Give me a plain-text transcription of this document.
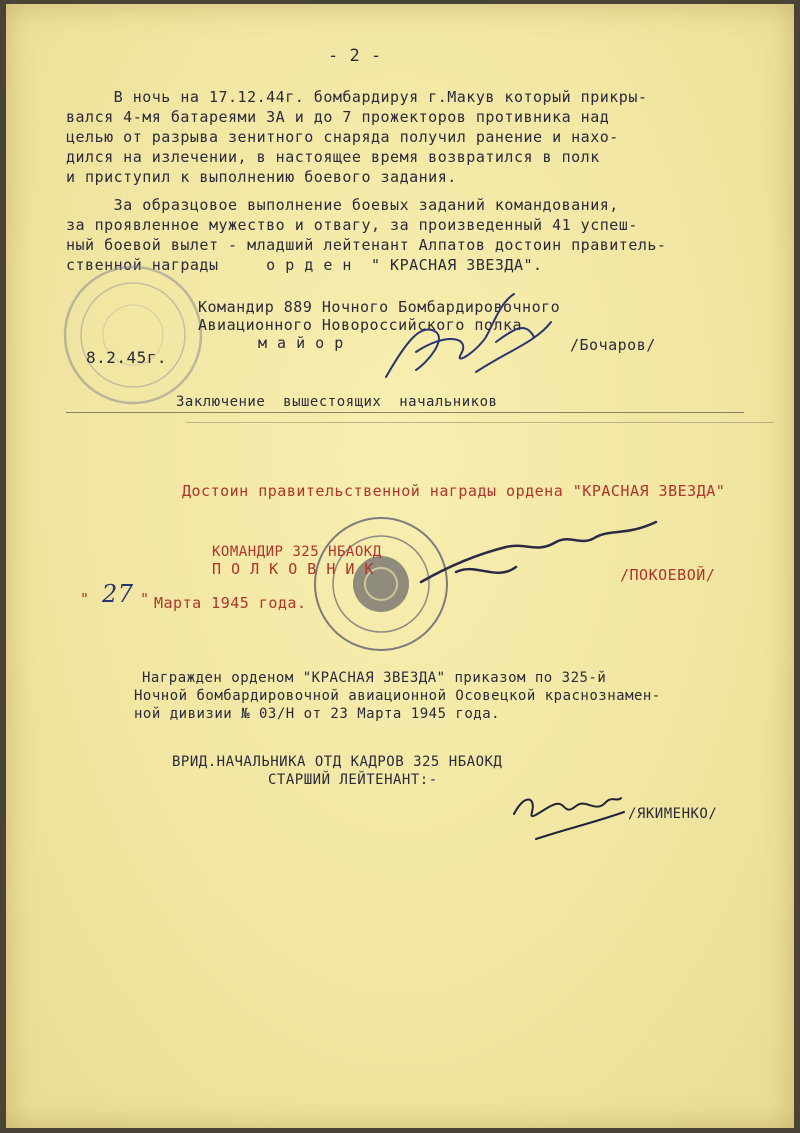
- 2 -
В ночь на 17.12.44г. бомбардируя г.Макув который прикры-
вался 4-мя батареями ЗА и до 7 прожекторов противника над
целью от разрыва зенитного снаряда получил ранение и нахо-
дился на излечении, в настоящее время возвратился в полк
и приступил к выполнению боевого задания.
За образцовое выполнение боевых заданий командования,
за проявленное мужество и отвагу, за произведенный 41 успеш-
ный боевой вылет - младший лейтенант Алпатов достоин правитель-
ственной награды     о р д е н  " КРАСНАЯ ЗВЕЗДА".
Командир 889 Ночного Бомбардировочного
Авиационного Новороссийского полка
м а й о р	/Бочаров/
8.2.45г.
Заключение  вышестоящих  начальников
Достоин правительственной награды ордена "КРАСНАЯ ЗВЕЗДА"
КОМАНДИР 325 НБАОКД
П О Л К О В Н И К	/ПОКОЕВОЙ/
" 27 " Марта 1945 года.
Награжден орденом "КРАСНАЯ ЗВЕЗДА" приказом по 325-й
Ночной бомбардировочной авиационной Осовецкой краснознамен-
ной дивизии № 03/Н от 23 Марта 1945 года.
ВРИД.НАЧАЛЬНИКА ОТД КАДРОВ 325 НБАОКД
СТАРШИЙ ЛЕЙТЕНАНТ:-
/ЯКИМЕНКО/
